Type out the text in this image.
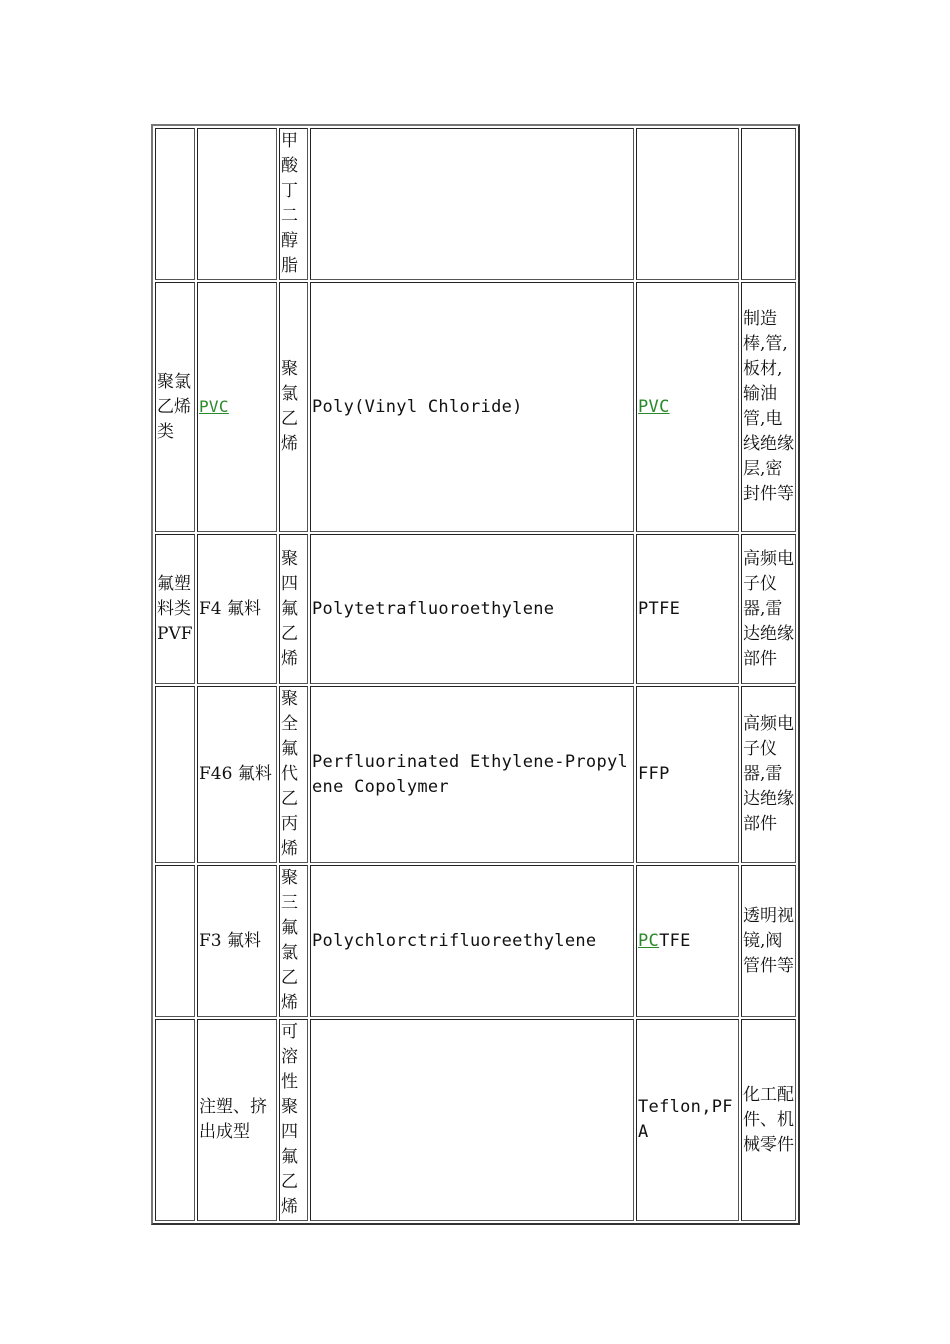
		甲酸丁二醇脂			
聚氯乙烯类	PVC	聚氯乙烯	Poly(Vinyl Chloride)	PVC	制造棒,管,板材,输油管,电线绝缘层,密封件等
氟塑料类PVF	F4 氟料	聚四氟乙烯	Polytetrafluoroethylene	PTFE	高频电子仪器,雷达绝缘部件
	F46 氟料	聚全氟代乙丙烯	Perfluorinated Ethylene-Propylene Copolymer	FFP	高频电子仪器,雷达绝缘部件
	F3 氟料	聚三氟氯乙烯	Polychlorctrifluoreethylene	PCTFE	透明视镜,阀管件等
	注塑、挤出成型	可溶性聚四氟乙烯		Teflon,PFA	化工配件、机械零件
